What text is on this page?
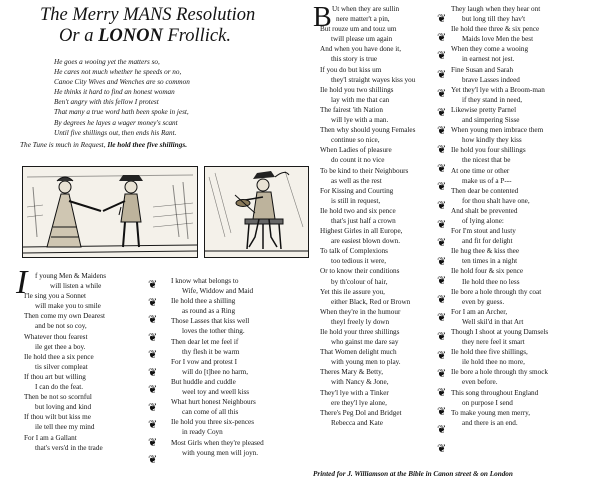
The Merry MANS Resolution
Or a LONON Frollick.
He goes a wooing yet the matters so,
He cares not much whether he speeds or no,
Canoe City Wives and Wenches are so common
He thinks it hard to find an honest woman
Ben't angry with this fellow I protest
That many a true word hath been spoke in jest,
By degrees he layes a wager money's scant
Until five shillings out, then ends his Rant.
The Tune is much in Request, Ile hold thee five shillings.
I	f young Men & Maidens
will listen a while
I'le sing you a Sonnet
will make you to smile
Then come my own Dearest
and be not so coy,
Whatever thou fearest
ile get thee a boy.
Ile hold thee a six pence
tis silver compleat
If thou art but willing
I can do the feat.
Then be not so scornful
but loving and kind
If thou wilt but kiss me
ile tell thee my mind
For I am a Gallant
that's vers'd in the trade
❦
❦
❦
❦
❦
❦
❦
❦
❦
❦
❦
I know what belongs to
Wife, Widdow and Maid
Ile hold thee a shilling
as round as a Ring
Those Lasses that kiss well
loves the tother thing.
Then dear let me feel if
thy flesh it be warm
For I vow and protest I
will do [t]hee no harm,
But huddle and cuddle
weel toy and weell kiss
What hurt honest Neighbours
can come of all this
Ile hold you three six-pences
in ready Coyn
Most Girls when they're pleased
with young men will joyn.
B Ut when they are sullin
nere matter't a pin,
But rouze um and touz um
twill please um again
And when you have done it,
this story is true
If you do but kiss um
they'l straight wayes kiss you
Ile hold you two shillings
lay with me that can
The fairest 'ith Nation
will lye with a man.
Then why should young Females
continue so nice,
When Ladies of pleasure
do count it no vice
To be kind to their Neighbours
as well as the rest
For Kissing and Courting
is still in request,
Ile hold two and six pence
that's just half a crown
Highest Girles in all Europe,
are easiest blown down.
To talk of Complexions
too tedious it were,
Or to know their conditions
by th'colour of hair,
Yet this ile assure you,
either Black, Red or Brown
When they're in the humour
theyl freely ly down
Ile hold your three shillings
who gainst me dare say
That Women delight much
with young men to play.
Theres Mary & Betty,
with Nancy & Jone,
They'l lye with a Tinker
ere they'l lye alone,
There's Peg Dol and Bridget
Rebecca and Kate
❦
❦
❦
❦
❦
❦
❦
❦
❦
❦
❦
❦
❦
❦
❦
❦
❦
❦
❦
❦
❦
❦
❦
❦
They laugh when they hear ont
but long till they hav't
Ile hold thee three & six pence
Maids love Men the best
When they come a wooing
in earnest not jest.
Fine Susan and Sarah
brave Lasses indeed
Yet they'l lye with a Broom-man
if they stand in need,
Likewise pretty Parnel
and simpering Sisse
When young men imbrace them
how kindly they kiss
Ile hold you four shillings
the nicest that be
At one time or other
make us of a P---
Then dear be contented
for thou shalt have one,
And shalt be prevented
of lying alone:
For I'm stout and lusty
and fit for delight
Ile hug thee & kiss thee
ten times in a night
Ile hold four & six pence
Ile hold thee no less
Ile bore a hole through thy coat
even by guess.
For I am an Archer,
Well skil'd in that Art
Though I shoot at young Damsels
they nere feel it smart
Ile hold thee five shillings,
ile hold thee no more,
Ile bore a hole through thy smock
even before.
This song throughout England
on purpose I send
To make young men merry,
and there is an end.
Printed for J. Williamson at the Bible in Canon street & on London
